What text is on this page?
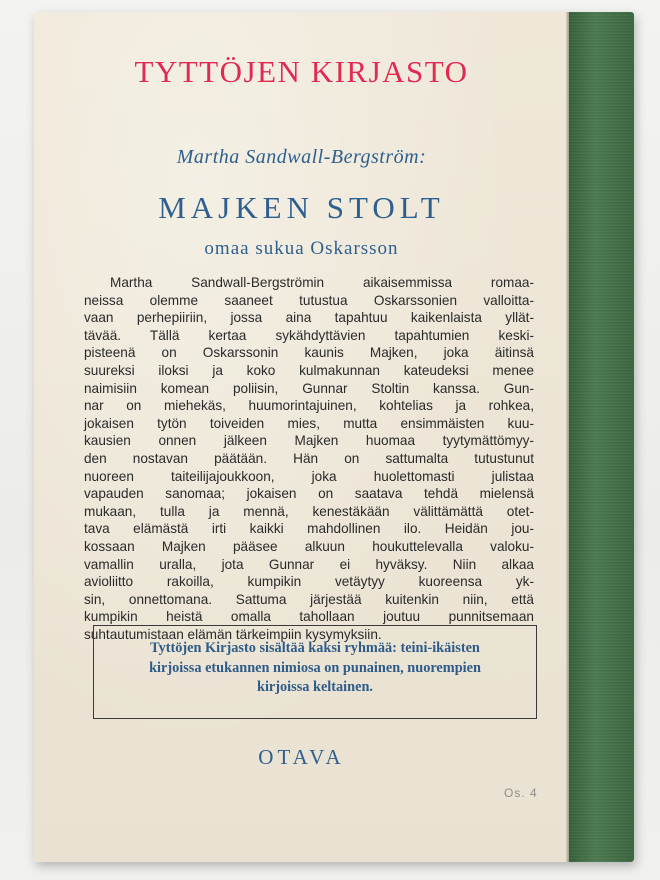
TYTTÖJEN KIRJASTO
Martha Sandwall-Bergström:
MAJKEN STOLT
omaa sukua Oskarsson
Martha Sandwall-Bergströmin aikaisemmissa romaa-
neissa olemme saaneet tutustua Oskarssonien valloitta-
vaan perhepiiriin, jossa aina tapahtuu kaikenlaista yllät-
tävää. Tällä kertaa sykähdyttävien tapahtumien keski-
pisteenä on Oskarssonin kaunis Majken, joka äitinsä
suureksi iloksi ja koko kulmakunnan kateudeksi menee
naimisiin komean poliisin, Gunnar Stoltin kanssa. Gun-
nar on miehekäs, huumorintajuinen, kohtelias ja rohkea,
jokaisen tytön toiveiden mies, mutta ensimmäisten kuu-
kausien onnen jälkeen Majken huomaa tyytymättömyy-
den nostavan päätään. Hän on sattumalta tutustunut
nuoreen taiteilijajoukkoon, joka huolettomasti julistaa
vapauden sanomaa; jokaisen on saatava tehdä mielensä
mukaan, tulla ja mennä, kenestäkään välittämättä otet-
tava elämästä irti kaikki mahdollinen ilo. Heidän jou-
kossaan Majken pääsee alkuun houkuttelevalla valoku-
vamallin uralla, jota Gunnar ei hyväksy. Niin alkaa
avioliitto rakoilla, kumpikin vetäytyy kuoreensa yk-
sin, onnettomana. Sattuma järjestää kuitenkin niin, että
kumpikin heistä omalla tahollaan joutuu punnitsemaan
suhtautumistaan elämän tärkeimpiin kysymyksiin.
Tyttöjen Kirjasto sisältää kaksi ryhmää: teini-ikäisten
kirjoissa etukannen nimiosa on punainen, nuorempien
kirjoissa keltainen.
OTAVA
Os. 4
